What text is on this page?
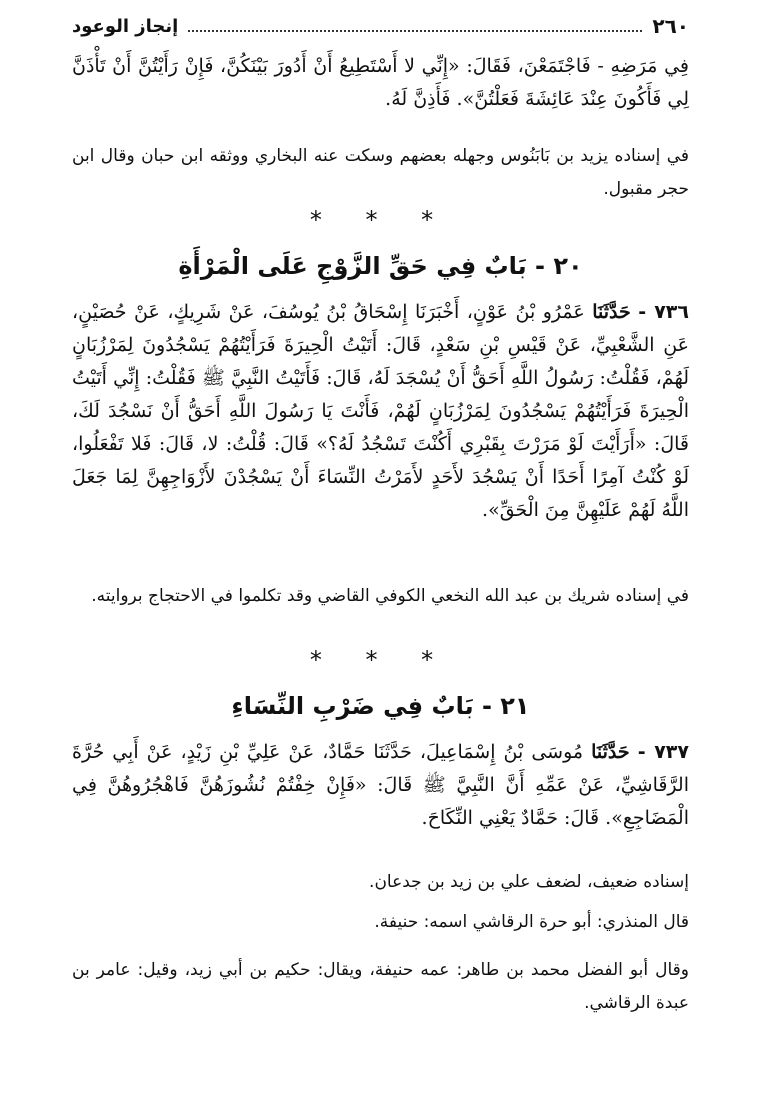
٢٦٠
إنجاز الوعود

فِي مَرَضِهِ - فَاجْتَمَعْنَ، فَقَالَ: «إِنِّي لا أَسْتَطِيعُ أَنْ أَدُورَ بَيْنَكُنَّ، فَإِنْ رَأَيْتُنَّ أَنْ تَأْذَنَّ لِي فَأَكُونَ عِنْدَ عَائِشَةَ فَعَلْتُنَّ». فَأَذِنَّ لَهُ.

في إسناده يزيد بن بَابَنُوس وجهله بعضهم وسكت عنه البخاري ووثقه ابن حبان وقال ابن حجر مقبول.

* * *
٢٠ - بَابٌ فِي حَقِّ الزَّوْجِ عَلَى الْمَرْأَةِ

٧٣٦ - حَدَّثَنَا عَمْرُو بْنُ عَوْنٍ، أَخْبَرَنَا إِسْحَاقُ بْنُ يُوسُفَ، عَنْ شَرِيكٍ، عَنْ حُصَيْنٍ، عَنِ الشَّعْبِيِّ، عَنْ قَيْسِ بْنِ سَعْدٍ، قَالَ: أَتَيْتُ الْحِيرَةَ فَرَأَيْتُهُمْ يَسْجُدُونَ لِمَرْزُبَانٍ لَهُمْ، فَقُلْتُ: رَسُولُ اللَّهِ أَحَقُّ أَنْ يُسْجَدَ لَهُ، قَالَ: فَأَتَيْتُ النَّبِيَّ ﷺ فَقُلْتُ: إِنِّي أَتَيْتُ الْحِيرَةَ فَرَأَيْتُهُمْ يَسْجُدُونَ لِمَرْزُبَانٍ لَهُمْ، فَأَنْتَ يَا رَسُولَ اللَّهِ أَحَقُّ أَنْ نَسْجُدَ لَكَ، قَالَ: «أَرَأَيْتَ لَوْ مَرَرْتَ بِقَبْرِي أَكُنْتَ تَسْجُدُ لَهُ؟» قَالَ: قُلْتُ: لا، قَالَ: فَلا تَفْعَلُوا، لَوْ كُنْتُ آمِرًا أَحَدًا أَنْ يَسْجُدَ لأَحَدٍ لأَمَرْتُ النِّسَاءَ أَنْ يَسْجُدْنَ لأَزْوَاجِهِنَّ لِمَا جَعَلَ اللَّهُ لَهُمْ عَلَيْهِنَّ مِنَ الْحَقِّ».

في إسناده شريك بن عبد الله النخعي الكوفي القاضي وقد تكلموا في الاحتجاج بروايته.

* * *
٢١ - بَابٌ فِي ضَرْبِ النِّسَاءِ

٧٣٧ - حَدَّثَنَا مُوسَى بْنُ إِسْمَاعِيلَ، حَدَّثَنَا حَمَّادٌ، عَنْ عَلِيِّ بْنِ زَيْدٍ، عَنْ أَبِي حُرَّةَ الرَّقَاشِيِّ، عَنْ عَمِّهِ أَنَّ النَّبِيَّ ﷺ قَالَ: «فَإِنْ خِفْتُمْ نُشُوزَهُنَّ فَاهْجُرُوهُنَّ فِي الْمَضَاجِعِ». قَالَ: حَمَّادٌ يَعْنِي النِّكَاحَ.

إسناده ضعيف، لضعف علي بن زيد بن جدعان.

قال المنذري: أبو حرة الرقاشي اسمه: حنيفة.

وقال أبو الفضل محمد بن طاهر: عمه حنيفة، ويقال: حكيم بن أبي زيد، وقيل: عامر بن عبدة الرقاشي.
